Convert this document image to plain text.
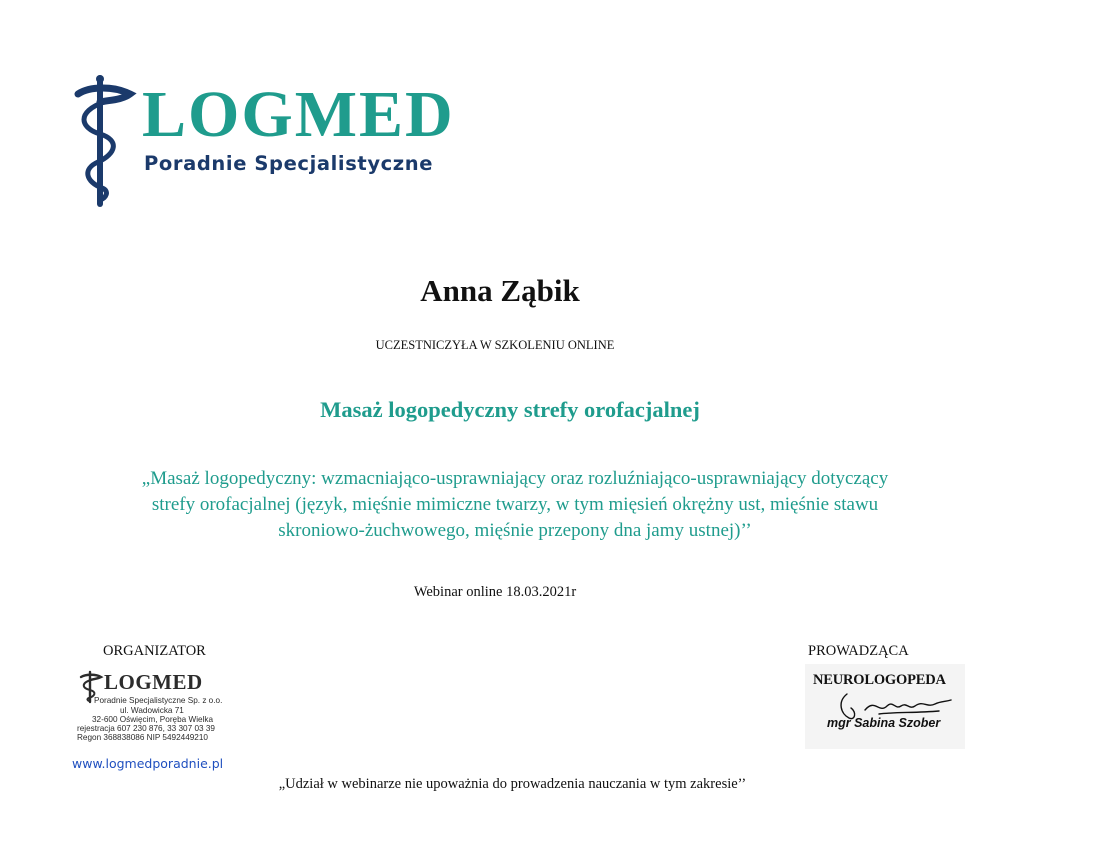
LOGMED
Poradnie Specjalistyczne
Anna Ząbik
UCZESTNICZYŁA W SZKOLENIU ONLINE
Masaż logopedyczny strefy orofacjalnej
„Masaż logopedyczny: wzmacniająco-usprawniający oraz rozluźniająco-usprawniający dotyczący strefy orofacjalnej (język, mięśnie mimiczne twarzy, w tym mięsień okrężny ust, mięśnie stawu skroniowo-żuchwowego, mięśnie przepony dna jamy ustnej)’’
Webinar online 18.03.2021r
ORGANIZATOR
LOGMED
Poradnie Specjalistyczne Sp. z o.o.
ul. Wadowicka 71
32-600 Oświęcim, Poręba Wielka
rejestracja 607 230 876, 33 307 03 39
Regon 368838086 NIP 5492449210
www.logmedporadnie.pl
PROWADZĄCA
NEUROLOGOPEDA
mgr Sabina Szober
„Udział w webinarze nie upoważnia do prowadzenia nauczania w tym zakresie’’
